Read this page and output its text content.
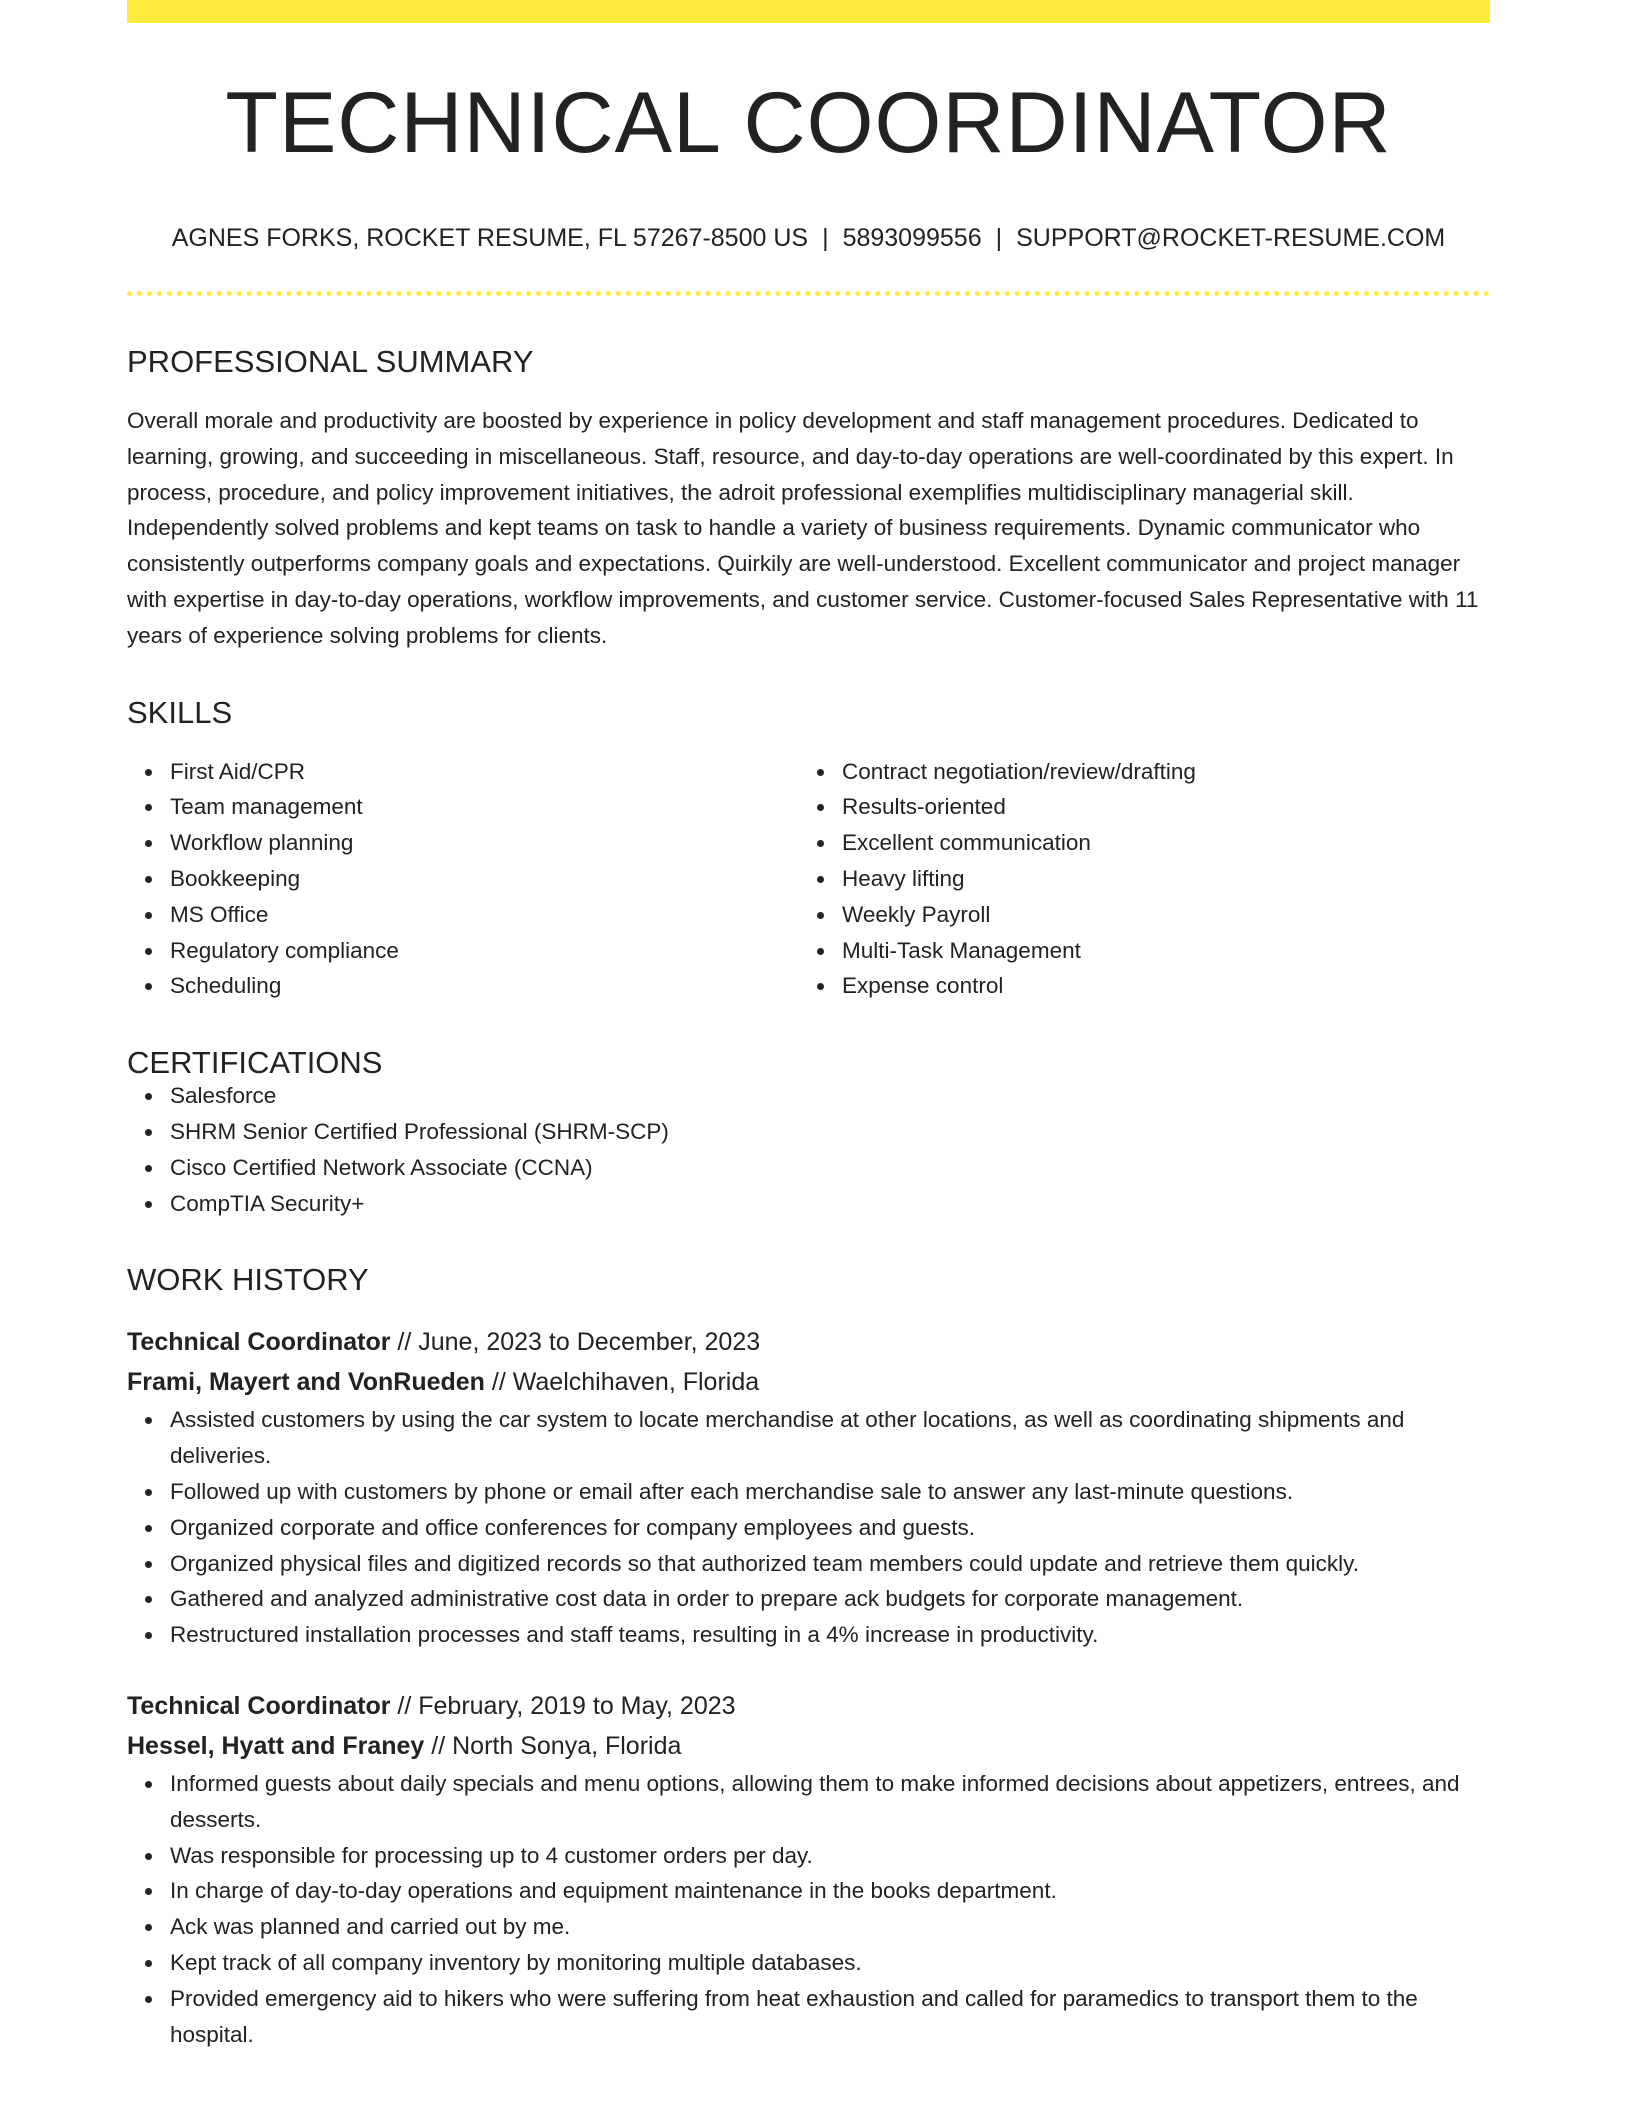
TECHNICAL COORDINATOR
AGNES FORKS, ROCKET RESUME, FL 57267-8500 US | 5893099556 | SUPPORT@ROCKET-RESUME.COM
PROFESSIONAL SUMMARY

Overall morale and productivity are boosted by experience in policy development and staff management procedures. Dedicated to learning, growing, and succeeding in miscellaneous. Staff, resource, and day-to-day operations are well-coordinated by this expert. In process, procedure, and policy improvement initiatives, the adroit professional exemplifies multidisciplinary managerial skill. Independently solved problems and kept teams on task to handle a variety of business requirements. Dynamic communicator who consistently outperforms company goals and expectations. Quirkily are well-understood. Excellent communicator and project manager with expertise in day-to-day operations, workflow improvements, and customer service. Customer-focused Sales Representative with 11 years of experience solving problems for clients.

SKILLS
First Aid/CPR
Team management
Workflow planning
Bookkeeping
MS Office
Regulatory compliance
Scheduling
Contract negotiation/review/drafting
Results-oriented
Excellent communication
Heavy lifting
Weekly Payroll
Multi-Task Management
Expense control
CERTIFICATIONS
Salesforce
SHRM Senior Certified Professional (SHRM-SCP)
Cisco Certified Network Associate (CCNA)
CompTIA Security+
WORK HISTORY
Technical Coordinator // June, 2023 to December, 2023
Frami, Mayert and VonRueden // Waelchihaven, Florida
Assisted customers by using the car system to locate merchandise at other locations, as well as coordinating shipments and deliveries.
Followed up with customers by phone or email after each merchandise sale to answer any last-minute questions.
Organized corporate and office conferences for company employees and guests.
Organized physical files and digitized records so that authorized team members could update and retrieve them quickly.
Gathered and analyzed administrative cost data in order to prepare ack budgets for corporate management.
Restructured installation processes and staff teams, resulting in a 4% increase in productivity.
Technical Coordinator // February, 2019 to May, 2023
Hessel, Hyatt and Franey // North Sonya, Florida
Informed guests about daily specials and menu options, allowing them to make informed decisions about appetizers, entrees, and desserts.
Was responsible for processing up to 4 customer orders per day.
In charge of day-to-day operations and equipment maintenance in the books department.
Ack was planned and carried out by me.
Kept track of all company inventory by monitoring multiple databases.
Provided emergency aid to hikers who were suffering from heat exhaustion and called for paramedics to transport them to the hospital.
